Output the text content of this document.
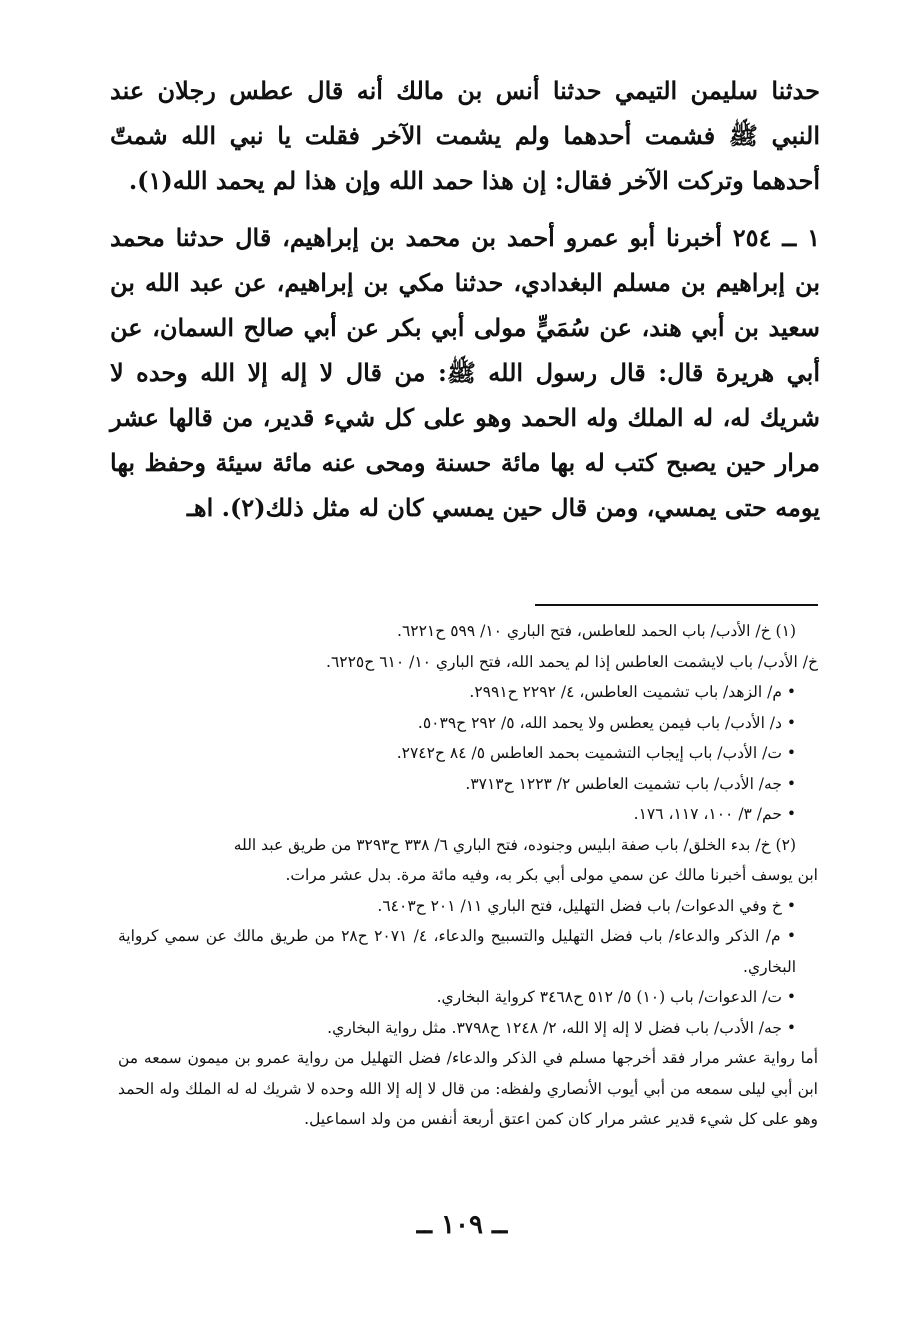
حدثنا سليمن التيمي حدثنا أنس بن مالك أنه قال عطس رجلان عند النبي ﷺ فشمت أحدهما ولم يشمت الآخر فقلت يا نبي الله شمتّ أحدهما وتركت الآخر فقال: إن هذا حمد الله وإن هذا لم يحمد الله(١).

١ ــ ٢٥٤ أخبرنا أبو عمرو أحمد بن محمد بن إبراهيم، قال حدثنا محمد بن إبراهيم بن مسلم البغدادي، حدثنا مكي بن إبراهيم، عن عبد الله بن سعيد بن أبي هند، عن سُمَيٍّ مولى أبي بكر عن أبي صالح السمان، عن أبي هريرة قال: قال رسول الله ﷺ: من قال لا إله إلا الله وحده لا شريك له، له الملك وله الحمد وهو على كل شيء قدير، من قالها عشر مرار حين يصبح كتب له بها مائة حسنة ومحى عنه مائة سيئة وحفظ بها يومه حتى يمسي، ومن قال حين يمسي كان له مثل ذلك(٢). اهـ

(١) خ/ الأدب/ باب الحمد للعاطس، فتح الباري ١٠/ ٥٩٩ ح٦٢٢١.

خ/ الأدب/ باب لايشمت العاطس إذا لم يحمد الله، فتح الباري ١٠/ ٦١٠ ح٦٢٢٥.

• م/ الزهد/ باب تشميت العاطس، ٤/ ٢٢٩٢ ح٢٩٩١.

• د/ الأدب/ باب فيمن يعطس ولا يحمد الله، ٥/ ٢٩٢ ح٥٠٣٩.

• ت/ الأدب/ باب إيجاب التشميت بحمد العاطس ٥/ ٨٤ ح٢٧٤٢.

• جه/ الأدب/ باب تشميت العاطس ٢/ ١٢٢٣ ح٣٧١٣.

• حم/ ٣/ ١٠٠، ١١٧، ١٧٦.

(٢) خ/ بدء الخلق/ باب صفة ابليس وجنوده، فتح الباري ٦/ ٣٣٨ ح٣٢٩٣ من طريق عبد الله

ابن يوسف أخبرنا مالك عن سمي مولى أبي بكر به، وفيه مائة مرة. بدل عشر مرات.

• خ وفي الدعوات/ باب فضل التهليل، فتح الباري ١١/ ٢٠١ ح٦٤٠٣.

• م/ الذكر والدعاء/ باب فضل التهليل والتسبيح والدعاء، ٤/ ٢٠٧١ ح٢٨ من طريق مالك عن سمي كرواية البخاري.

• ت/ الدعوات/ باب (١٠) ٥/ ٥١٢ ح٣٤٦٨ كرواية البخاري.

• جه/ الأدب/ باب فضل لا إله إلا الله، ٢/ ١٢٤٨ ح٣٧٩٨. مثل رواية البخاري.

أما رواية عشر مرار فقد أخرجها مسلم في الذكر والدعاء/ فضل التهليل من رواية عمرو بن ميمون سمعه من ابن أبي ليلى سمعه من أبي أيوب الأنصاري ولفظه: من قال لا إله إلا الله وحده لا شريك له له الملك وله الحمد وهو على كل شيء قدير عشر مرار كان كمن اعتق أربعة أنفس من ولد اسماعيل.

ــ ١٠٩ ــ
